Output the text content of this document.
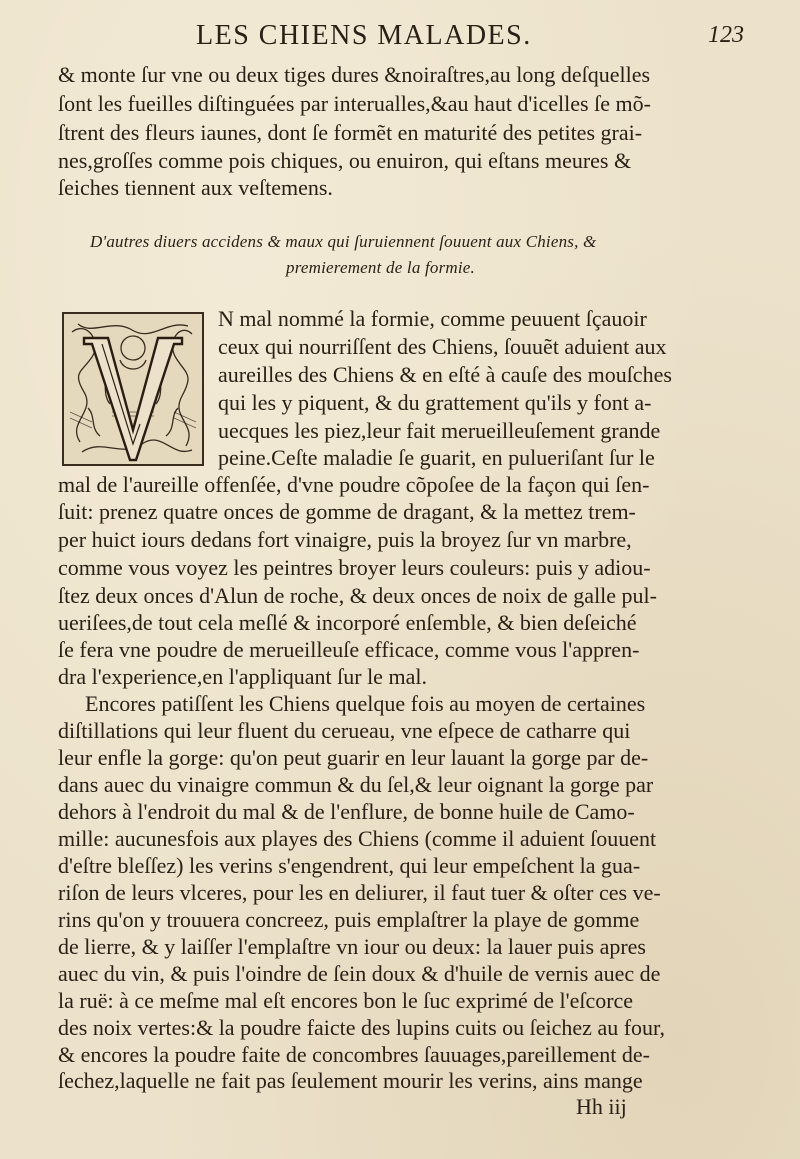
LES CHIENS MALADES.	123
& monte ſur vne ou deux tiges dures &noiraſtres,au long deſquelles
ſont les fueilles diſtinguées par interualles,&au haut d'icelles ſe mõ-
ſtrent des fleurs iaunes, dont ſe formẽt en maturité des petites grai-
nes,groſſes comme pois chiques, ou enuiron, qui eſtans meures &
ſeiches tiennent aux veſtemens.
D'autres diuers accidens & maux qui ſuruiennent ſouuent aux Chiens, &
premierement de la formie.
N mal nommé la formie, comme peuuent ſçauoir
ceux qui nourriſſent des Chiens, ſouuẽt aduient aux
aureilles des Chiens & en eſté à cauſe des mouſches
qui les y piquent, & du grattement qu'ils y font a-
uecques les piez,leur fait merueilleuſement grande
peine.Ceſte maladie ſe guarit, en pulueriſant ſur le
mal de l'aureille offenſée, d'vne poudre cõpoſee de la façon qui ſen-
ſuit: prenez quatre onces de gomme de dragant, & la mettez trem-
per huict iours dedans fort vinaigre, puis la broyez ſur vn marbre,
comme vous voyez les peintres broyer leurs couleurs: puis y adiou-
ſtez deux onces d'Alun de roche, & deux onces de noix de galle pul-
ueriſees,de tout cela meſlé & incorporé enſemble, & bien deſeiché
ſe fera vne poudre de merueilleuſe efficace, comme vous l'appren-
dra l'experience,en l'appliquant ſur le mal.
Encores patiſſent les Chiens quelque fois au moyen de certaines
diſtillations qui leur fluent du cerueau, vne eſpece de catharre qui
leur enfle la gorge: qu'on peut guarir en leur lauant la gorge par de-
dans auec du vinaigre commun & du ſel,& leur oignant la gorge par
dehors à l'endroit du mal & de l'enflure, de bonne huile de Camo-
mille: aucunesfois aux playes des Chiens (comme il aduient ſouuent
d'eſtre bleſſez) les verins s'engendrent, qui leur empeſchent la gua-
riſon de leurs vlceres, pour les en deliurer, il faut tuer & oſter ces ve-
rins qu'on y trouuera concreez, puis emplaſtrer la playe de gomme
de lierre, & y laiſſer l'emplaſtre vn iour ou deux: la lauer puis apres
auec du vin, & puis l'oindre de ſein doux & d'huile de vernis auec de
la ruë: à ce meſme mal eſt encores bon le ſuc exprimé de l'eſcorce
des noix vertes:& la poudre faicte des lupins cuits ou ſeichez au four,
& encores la poudre faite de concombres ſauuages,pareillement de-
ſechez,laquelle ne fait pas ſeulement mourir les verins, ains mange
Hh iij
